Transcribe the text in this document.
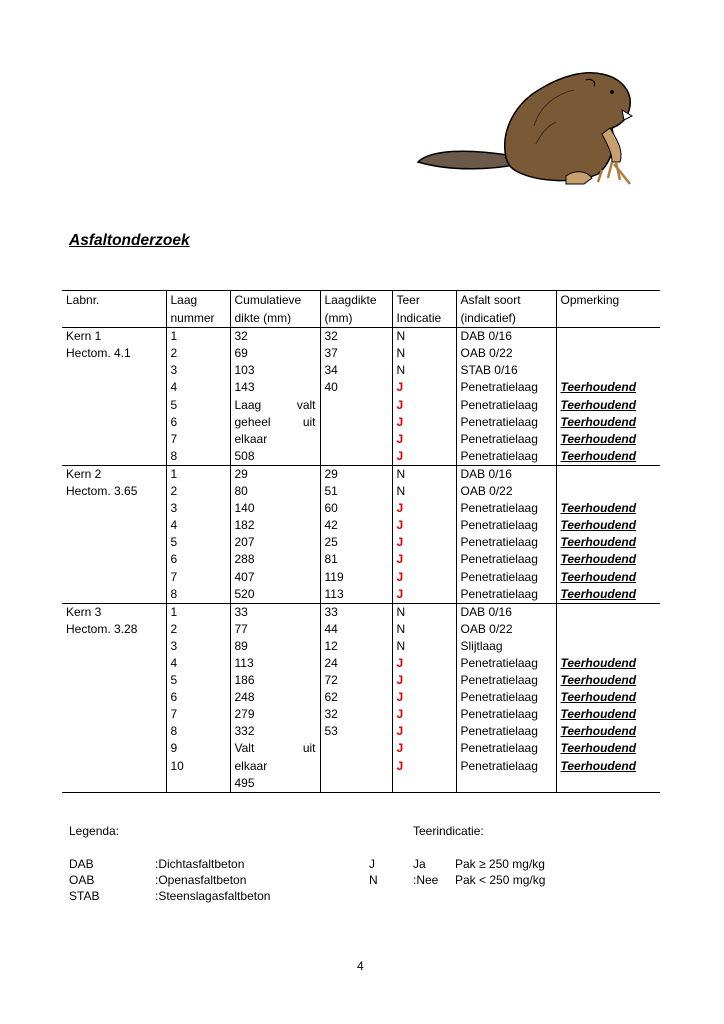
Asfaltonderzoek
Labnr.	Laag	Cumulatieve	Laagdikte	Teer	Asfalt soort	Opmerking
	nummer	dikte (mm)	(mm)	Indicatie	(indicatief)	
Kern 1	1	32	32	N	DAB 0/16	
Hectom. 4.1	2	69	37	N	OAB 0/22	
	3	103	34	N	STAB 0/16	
	4	143	40	J	Penetratielaag	Teerhoudend
	5	Laag valt		J	Penetratielaag	Teerhoudend
	6	geheel uit		J	Penetratielaag	Teerhoudend
	7	elkaar		J	Penetratielaag	Teerhoudend
	8	508		J	Penetratielaag	Teerhoudend
Kern 2	1	29	29	N	DAB 0/16	
Hectom. 3.65	2	80	51	N	OAB 0/22	
	3	140	60	J	Penetratielaag	Teerhoudend
	4	182	42	J	Penetratielaag	Teerhoudend
	5	207	25	J	Penetratielaag	Teerhoudend
	6	288	81	J	Penetratielaag	Teerhoudend
	7	407	119	J	Penetratielaag	Teerhoudend
	8	520	113	J	Penetratielaag	Teerhoudend
Kern 3	1	33	33	N	DAB 0/16	
Hectom. 3.28	2	77	44	N	OAB 0/22	
	3	89	12	N	Slijtlaag	
	4	113	24	J	Penetratielaag	Teerhoudend
	5	186	72	J	Penetratielaag	Teerhoudend
	6	248	62	J	Penetratielaag	Teerhoudend
	7	279	32	J	Penetratielaag	Teerhoudend
	8	332	53	J	Penetratielaag	Teerhoudend
	9	Valt uit		J	Penetratielaag	Teerhoudend
	10	elkaar		J	Penetratielaag	Teerhoudend
		495				
Legenda:
DAB	:Dichtasfaltbeton
OAB	:Openasfaltbeton
STAB	:Steenslagasfaltbeton
Teerindicatie:
J	Ja Pak ≥ 250 mg/kg
N	:Nee Pak < 250 mg/kg
4
